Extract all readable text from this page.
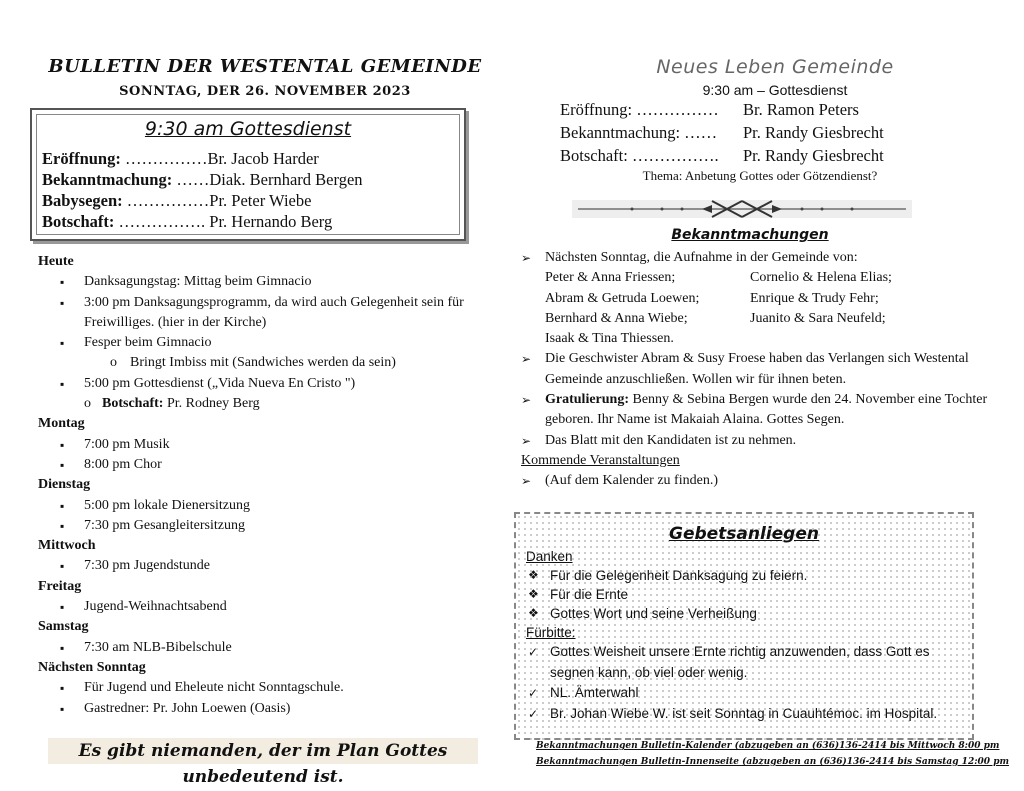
BULLETIN DER WESTENTAL GEMEINDE
SONNTAG, DER 26. NOVEMBER 2023
9:30 am Gottesdienst
Eröffnung: ……………Br. Jacob Harder
Bekanntmachung: ……Diak. Bernhard Bergen
Babysegen: ……………Pr. Peter Wiebe
Botschaft: ……………. Pr. Hernando Berg
Heute
▪ Danksagungstag: Mittag beim Gimnacio
▪ 3:00 pm Danksagungsprogramm, da wird auch Gelegenheit sein für Freiwilliges. (hier in der Kirche)
▪ Fesper beim Gimnacio
o Bringt Imbiss mit (Sandwiches werden da sein)
▪ 5:00 pm Gottesdienst („Vida Nueva En Cristo ")
o Botschaft: Pr. Rodney Berg
Montag
▪ 7:00 pm Musik
▪ 8:00 pm Chor
Dienstag
▪ 5:00 pm lokale Dienersitzung
▪ 7:30 pm Gesangleitersitzung
Mittwoch
▪ 7:30 pm Jugendstunde
Freitag
▪ Jugend-Weihnachtsabend
Samstag
▪ 7:30 am NLB-Bibelschule
Nächsten Sonntag
▪ Für Jugend und Eheleute nicht Sonntagschule.
▪ Gastredner: Pr. John Loewen (Oasis)
Es gibt niemanden, der im Plan Gottes unbedeutend ist.
Neues Leben Gemeinde
9:30 am – Gottesdienst
Eröffnung: …………… Br. Ramon Peters
Bekanntmachung: …… Pr. Randy Giesbrecht
Botschaft: ……………. Pr. Randy Giesbrecht
Thema: Anbetung Gottes oder Götzendienst?
Bekanntmachungen
➢ Nächsten Sonntag, die Aufnahme in der Gemeinde von:
Peter & Anna Friessen;	Cornelio & Helena Elias;
Abram & Getruda Loewen;	Enrique & Trudy Fehr;
Bernhard & Anna Wiebe;	Juanito & Sara Neufeld;
Isaak & Tina Thiessen.
➢ Die Geschwister Abram & Susy Froese haben das Verlangen sich Westental Gemeinde anzuschließen. Wollen wir für ihnen beten.
➢ Gratulierung: Benny & Sebina Bergen wurde den 24. November eine Tochter geboren. Ihr Name ist Makaiah Alaina. Gottes Segen.
➢ Das Blatt mit den Kandidaten ist zu nehmen.
Kommende Veranstaltungen
➢ (Auf dem Kalender zu finden.)
Gebetsanliegen
Danken
❖ Für die Gelegenheit Danksagung zu feiern.
❖ Für die Ernte
❖ Gottes Wort und seine Verheißung
Fürbitte:
✓ Gottes Weisheit unsere Ernte richtig anzuwenden, dass Gott es segnen kann, ob viel oder wenig.
✓ NL. Ämterwahl
✓ Br. Johan Wiebe W. ist seit Sonntag in Cuauhtémoc. im Hospital.
Bekanntmachungen Bulletin-Kalender (abzugeben an (636)136-2414 bis Mittwoch 8:00 pm
Bekanntmachungen Bulletin-Innenseite (abzugeben an (636)136-2414 bis Samstag 12:00 pm
